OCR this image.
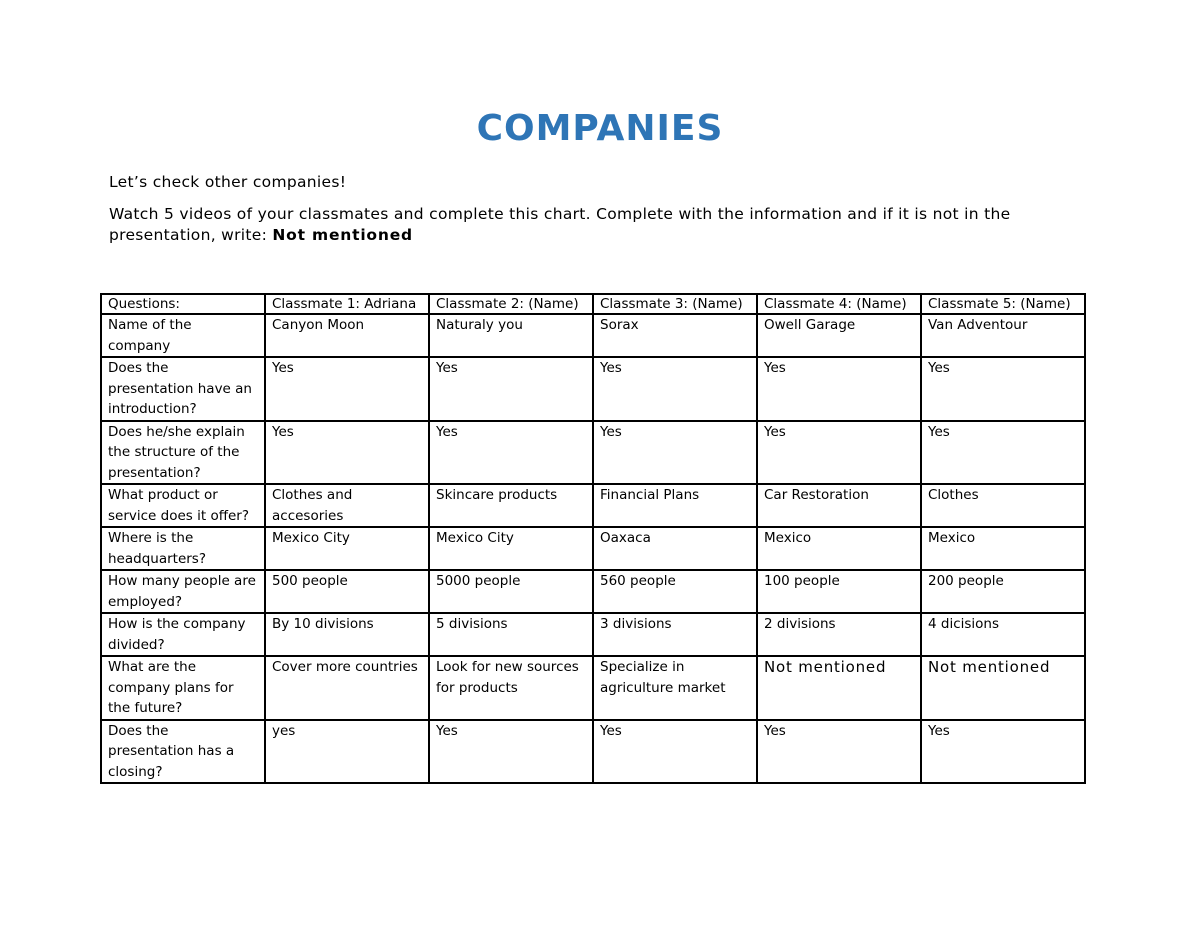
COMPANIES
Let’s check other companies!
Watch 5 videos of your classmates and complete this chart. Complete with the information and if it is not in the presentation, write: Not mentioned
Questions:	Classmate 1: Adriana	Classmate 2: (Name)	Classmate 3: (Name)	Classmate 4: (Name)	Classmate 5: (Name)
Name of the company	Canyon Moon	Naturaly you	Sorax	Owell Garage	Van Adventour
Does the presentation have an introduction?	Yes	Yes	Yes	Yes	Yes
Does he/she explain the structure of the presentation?	Yes	Yes	Yes	Yes	Yes
What product or service does it offer?	Clothes and accesories	Skincare products	Financial Plans	Car Restoration	Clothes
Where is the headquarters?	Mexico City	Mexico City	Oaxaca	Mexico	Mexico
How many people are employed?	500 people	5000 people	560 people	100 people	200 people
How is the company divided?	By 10 divisions	5 divisions	3 divisions	2 divisions	4 dicisions
What are the company plans for the future?	Cover more countries	Look for new sources for products	Specialize in agriculture market	Not mentioned	Not mentioned
Does the presentation has a closing?	yes	Yes	Yes	Yes	Yes
